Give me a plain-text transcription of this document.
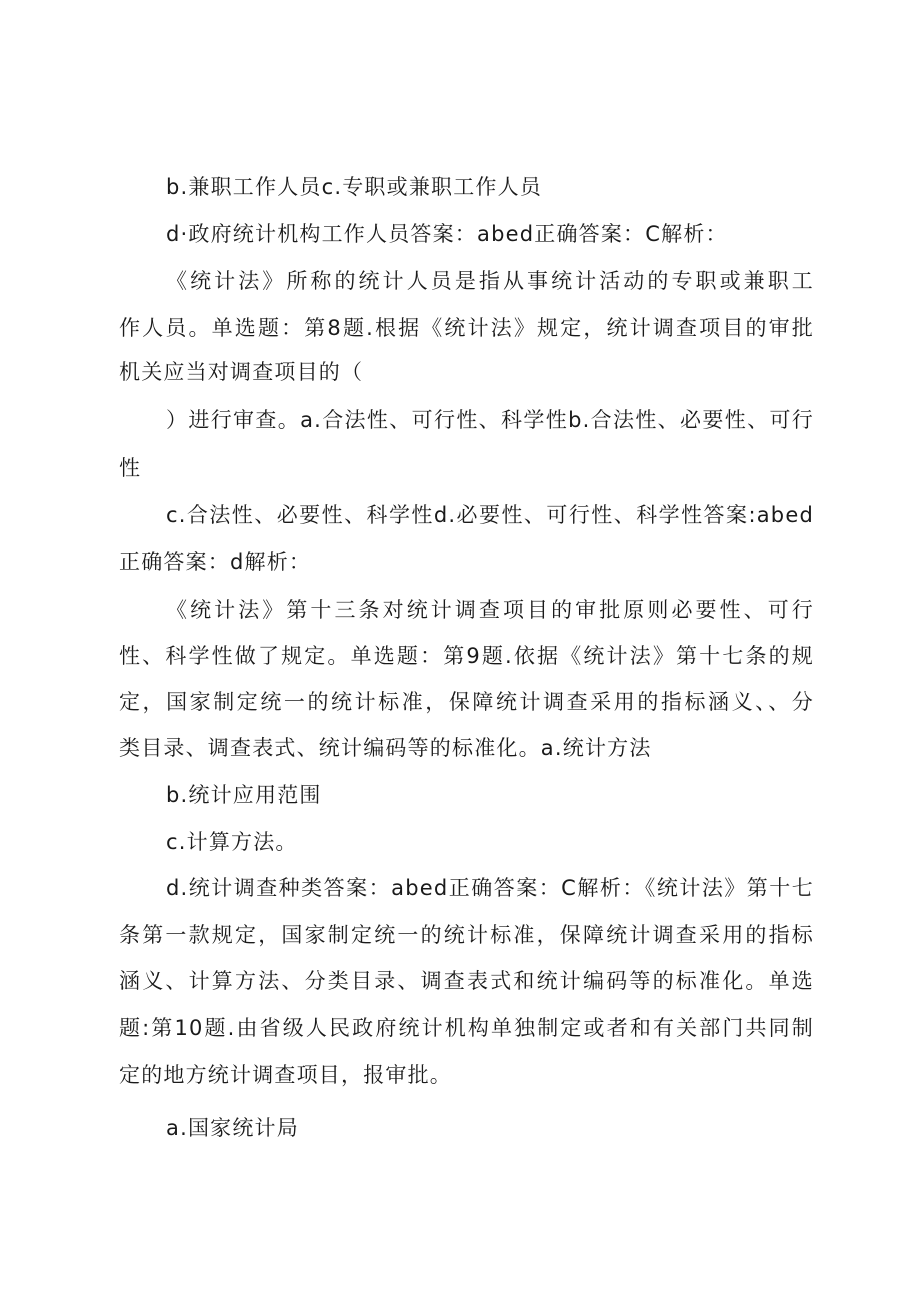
b.兼职工作人员c.专职或兼职工作人员

d·政府统计机构工作人员答案：abed正确答案：C解析：

《统计法》所称的统计人员是指从事统计活动的专职或兼职工

作人员。单选题：第8题.根据《统计法》规定，统计调查项目的审批

机关应当对调查项目的（

）进行审查。a.合法性、可行性、科学性b.合法性、必要性、可行

性

c.合法性、必要性、科学性d.必要性、可行性、科学性答案:abed

正确答案：d解析：

《统计法》第十三条对统计调查项目的审批原则必要性、可行

性、科学性做了规定。单选题：第9题.依据《统计法》第十七条的规

定，国家制定统一的统计标准，保障统计调查采用的指标涵义、、分

类目录、调查表式、统计编码等的标准化。a.统计方法

b.统计应用范围

c.计算方法。

d.统计调查种类答案：abed正确答案：C解析：《统计法》第十七

条第一款规定，国家制定统一的统计标准，保障统计调查采用的指标

涵义、计算方法、分类目录、调查表式和统计编码等的标准化。单选

题:第10题.由省级人民政府统计机构单独制定或者和有关部门共同制

定的地方统计调查项目，报审批。

a.国家统计局
